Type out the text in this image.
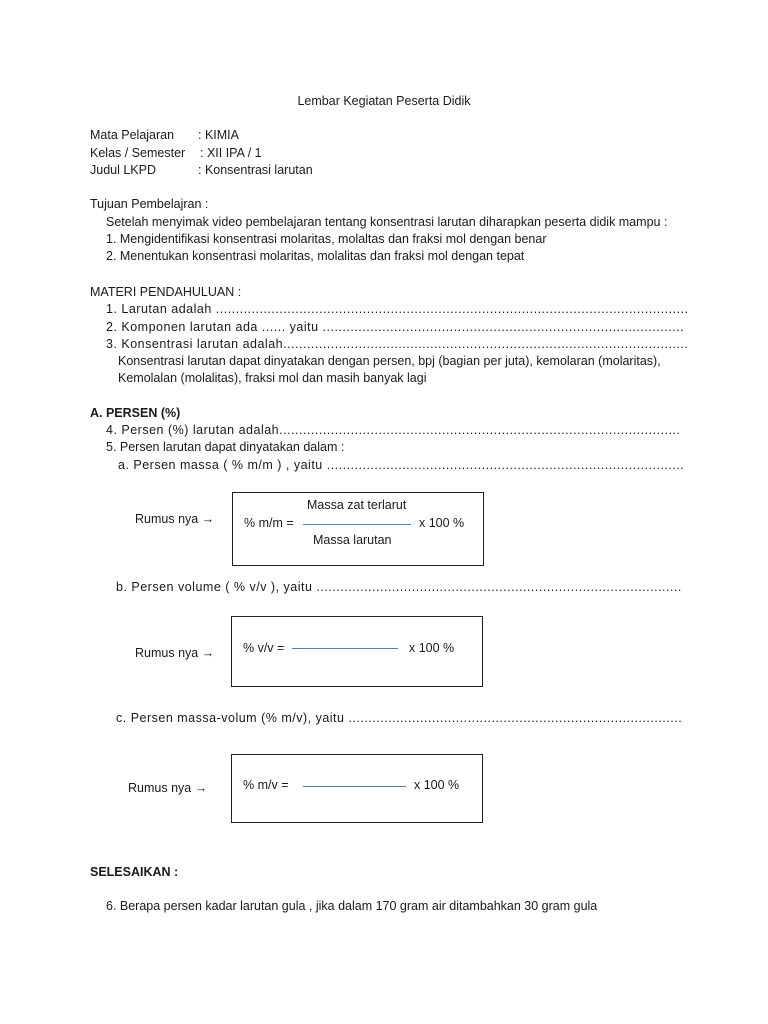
Lembar Kegiatan Peserta Didik
Mata Pelajaran : KIMIA
Kelas / Semester : XII IPA / 1
Judul LKPD	: Konsentrasi larutan
Tujuan Pembelajran :
Setelah menyimak video pembelajaran tentang konsentrasi larutan diharapkan peserta didik mampu :
1. Mengidentifikasi konsentrasi molaritas, molaltas dan fraksi mol dengan benar
2. Menentukan konsentrasi molaritas, molalitas dan fraksi mol dengan tepat
MATERI PENDAHULUAN :
1. Larutan adalah .......................................................................................................................
2. Komponen larutan ada ...... yaitu ...........................................................................................
3. Konsentrasi larutan adalah......................................................................................................
Konsentrasi larutan dapat dinyatakan dengan persen, bpj (bagian per juta), kemolaran (molaritas),
Kemolalan (molalitas), fraksi mol dan masih banyak lagi
A. PERSEN (%)
4. Persen (%) larutan adalah.....................................................................................................
5. Persen larutan dapat dinyatakan dalam :
a. Persen massa ( % m/m ) , yaitu ..........................................................................................
Rumus nya →
Massa zat terlarut
% m/m =	x 100 %
Massa larutan
b. Persen volume ( % v/v ), yaitu ............................................................................................
Rumus nya → % v/v =	x 100 %
c. Persen massa-volum (% m/v), yaitu ....................................................................................
Rumus nya →	% m/v =	x 100 %
SELESAIKAN :
6. Berapa persen kadar larutan gula , jika dalam 170 gram air ditambahkan 30 gram gula
